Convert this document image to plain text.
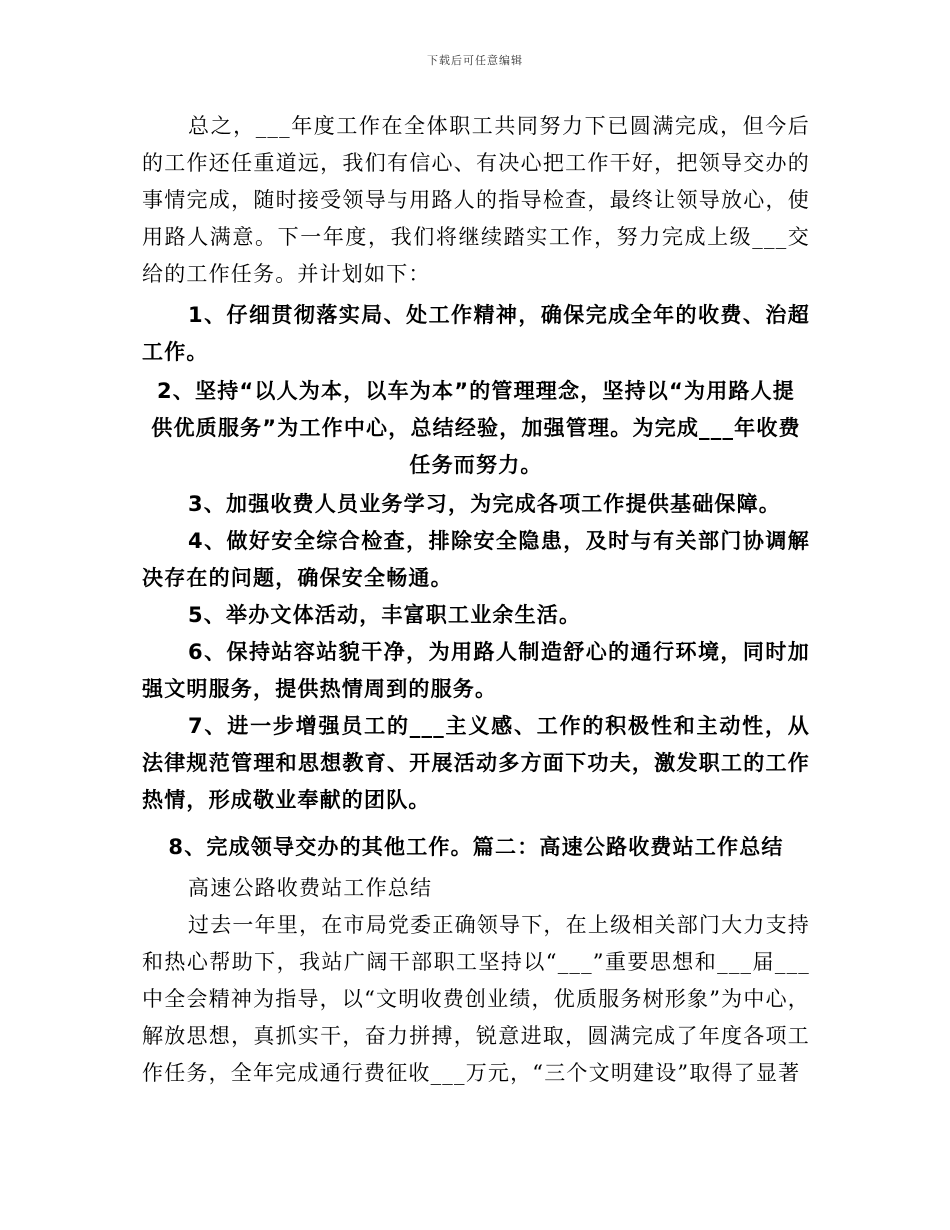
下载后可任意编辑

总之，___年度工作在全体职工共同努力下已圆满完成，但今后的工作还任重道远，我们有信心、有决心把工作干好，把领导交办的事情完成，随时接受领导与用路人的指导检查，最终让领导放心，使用路人满意。下一年度，我们将继续踏实工作，努力完成上级___交给的工作任务。并计划如下：

1、仔细贯彻落实局、处工作精神，确保完成全年的收费、治超工作。

2、坚持“以人为本，以车为本”的管理理念，坚持以“为用路人提供优质服务”为工作中心，总结经验，加强管理。为完成___年收费任务而努力。

3、加强收费人员业务学习，为完成各项工作提供基础保障。

4、做好安全综合检查，排除安全隐患，及时与有关部门协调解决存在的问题，确保安全畅通。

5、举办文体活动，丰富职工业余生活。

6、保持站容站貌干净，为用路人制造舒心的通行环境，同时加强文明服务，提供热情周到的服务。

7、进一步增强员工的___主义感、工作的积极性和主动性，从法律规范管理和思想教育、开展活动多方面下功夫，激发职工的工作热情，形成敬业奉献的团队。

8、完成领导交办的其他工作。篇二：高速公路收费站工作总结

高速公路收费站工作总结

过去一年里，在市局党委正确领导下，在上级相关部门大力支持和热心帮助下，我站广阔干部职工坚持以“___”重要思想和___届___中全会精神为指导，以“文明收费创业绩，优质服务树形象”为中心，解放思想，真抓实干，奋力拼搏，锐意进取，圆满完成了年度各项工作任务，全年完成通行费征收___万元，“三个文明建设”取得了显著
